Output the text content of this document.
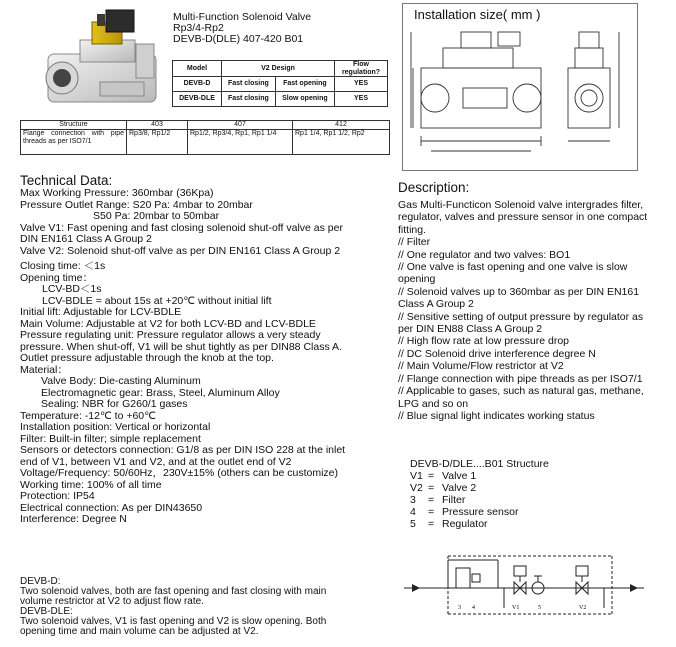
Multi-Function Solenoid Valve
Rp3/4-Rp2
DEVB-D(DLE) 407-420 B01
Model	V2 Design		Flow regulation?
DEVB-D	Fast closing	Fast opening	YES
DEVB-DLE	Fast closing	Slow opening	YES
Structure	403	407	412
Flange connection with pipe threads as per ISO7/1	Rp3/8, Rp1/2	Rp1/2, Rp3/4, Rp1, Rp1 1/4	Rp1 1/4, Rp1 1/2, Rp2
Installation size( mm )
Technical Data:
Max Working Pressure: 360mbar (36Kpa)
Pressure Outlet Range: S20 Pa: 4mbar to 20mbar
S50 Pa: 20mbar to 50mbar
Valve V1: Fast opening and fast closing solenoid shut-off valve as per
DIN EN161 Class A Group 2
Valve V2: Solenoid shut-off valve as per DIN EN161 Class A Group 2
Closing time: ＜1s
Opening time：
LCV-BD＜1s
LCV-BDLE = about 15s at +20℃ without initial lift
Initial lift: Adjustable for LCV-BDLE
Main Volume: Adjustable at V2 for both LCV-BD and LCV-BDLE
Pressure regulating unit: Pressure regulator allows a very steady
pressure. When shut-off, V1 will be shut tightly as per DIN88 Class A.
Outlet pressure adjustable through the knob at the top.
Material：
Valve Body: Die-casting Aluminum
Electromagnetic gear: Brass, Steel, Aluminum Alloy
Sealing: NBR for G260/1 gases
Temperature: -12℃ to +60℃
Installation position: Vertical or horizontal
Filter: Built-in filter; simple replacement
Sensors or detectors connection: G1/8 as per DIN ISO 228 at the inlet
end of V1, between V1 and V2, and at the outlet end of V2
Voltage/Frequency: 50/60Hz，230V±15% (others can be customize)
Working time: 100% of all time
Protection: IP54
Electrical connection: As per DIN43650
Interference: Degree N
DEVB-D:
Two solenoid valves, both are fast opening and fast closing with main
volume restrictor at V2 to adjust flow rate.
DEVB-DLE:
Two solenoid valves, V1 is fast opening and V2 is slow opening. Both
opening time and main volume can be adjusted at V2.
Description:
Gas Multi-Functicon Solenoid valve intergrades filter,
regulator, valves and pressure sensor in one compact
fitting.
// Filter
// One regulator and two valves: BO1
// One valve is fast opening and one valve is slow
opening
// Solenoid valves up to 360mbar as per DIN EN161
Class A Group 2
// Sensitive setting of output pressure by regulator as
per DIN EN88 Class A Group 2
// High flow rate at low pressure drop
// DC Solenoid drive interference degree N
// Main Volume/Flow restrictor at V2
// Flange connection with pipe threads as per ISO7/1
// Applicable to gases, such as natural gas, methane,
LPG and so on
// Blue signal light indicates working status
DEVB-D/DLE....B01 Structure
V1 = Valve 1
V2 = Valve 2
3 = Filter
4 = Pressure sensor
5 = Regulator
3 4	V1	5	V2
